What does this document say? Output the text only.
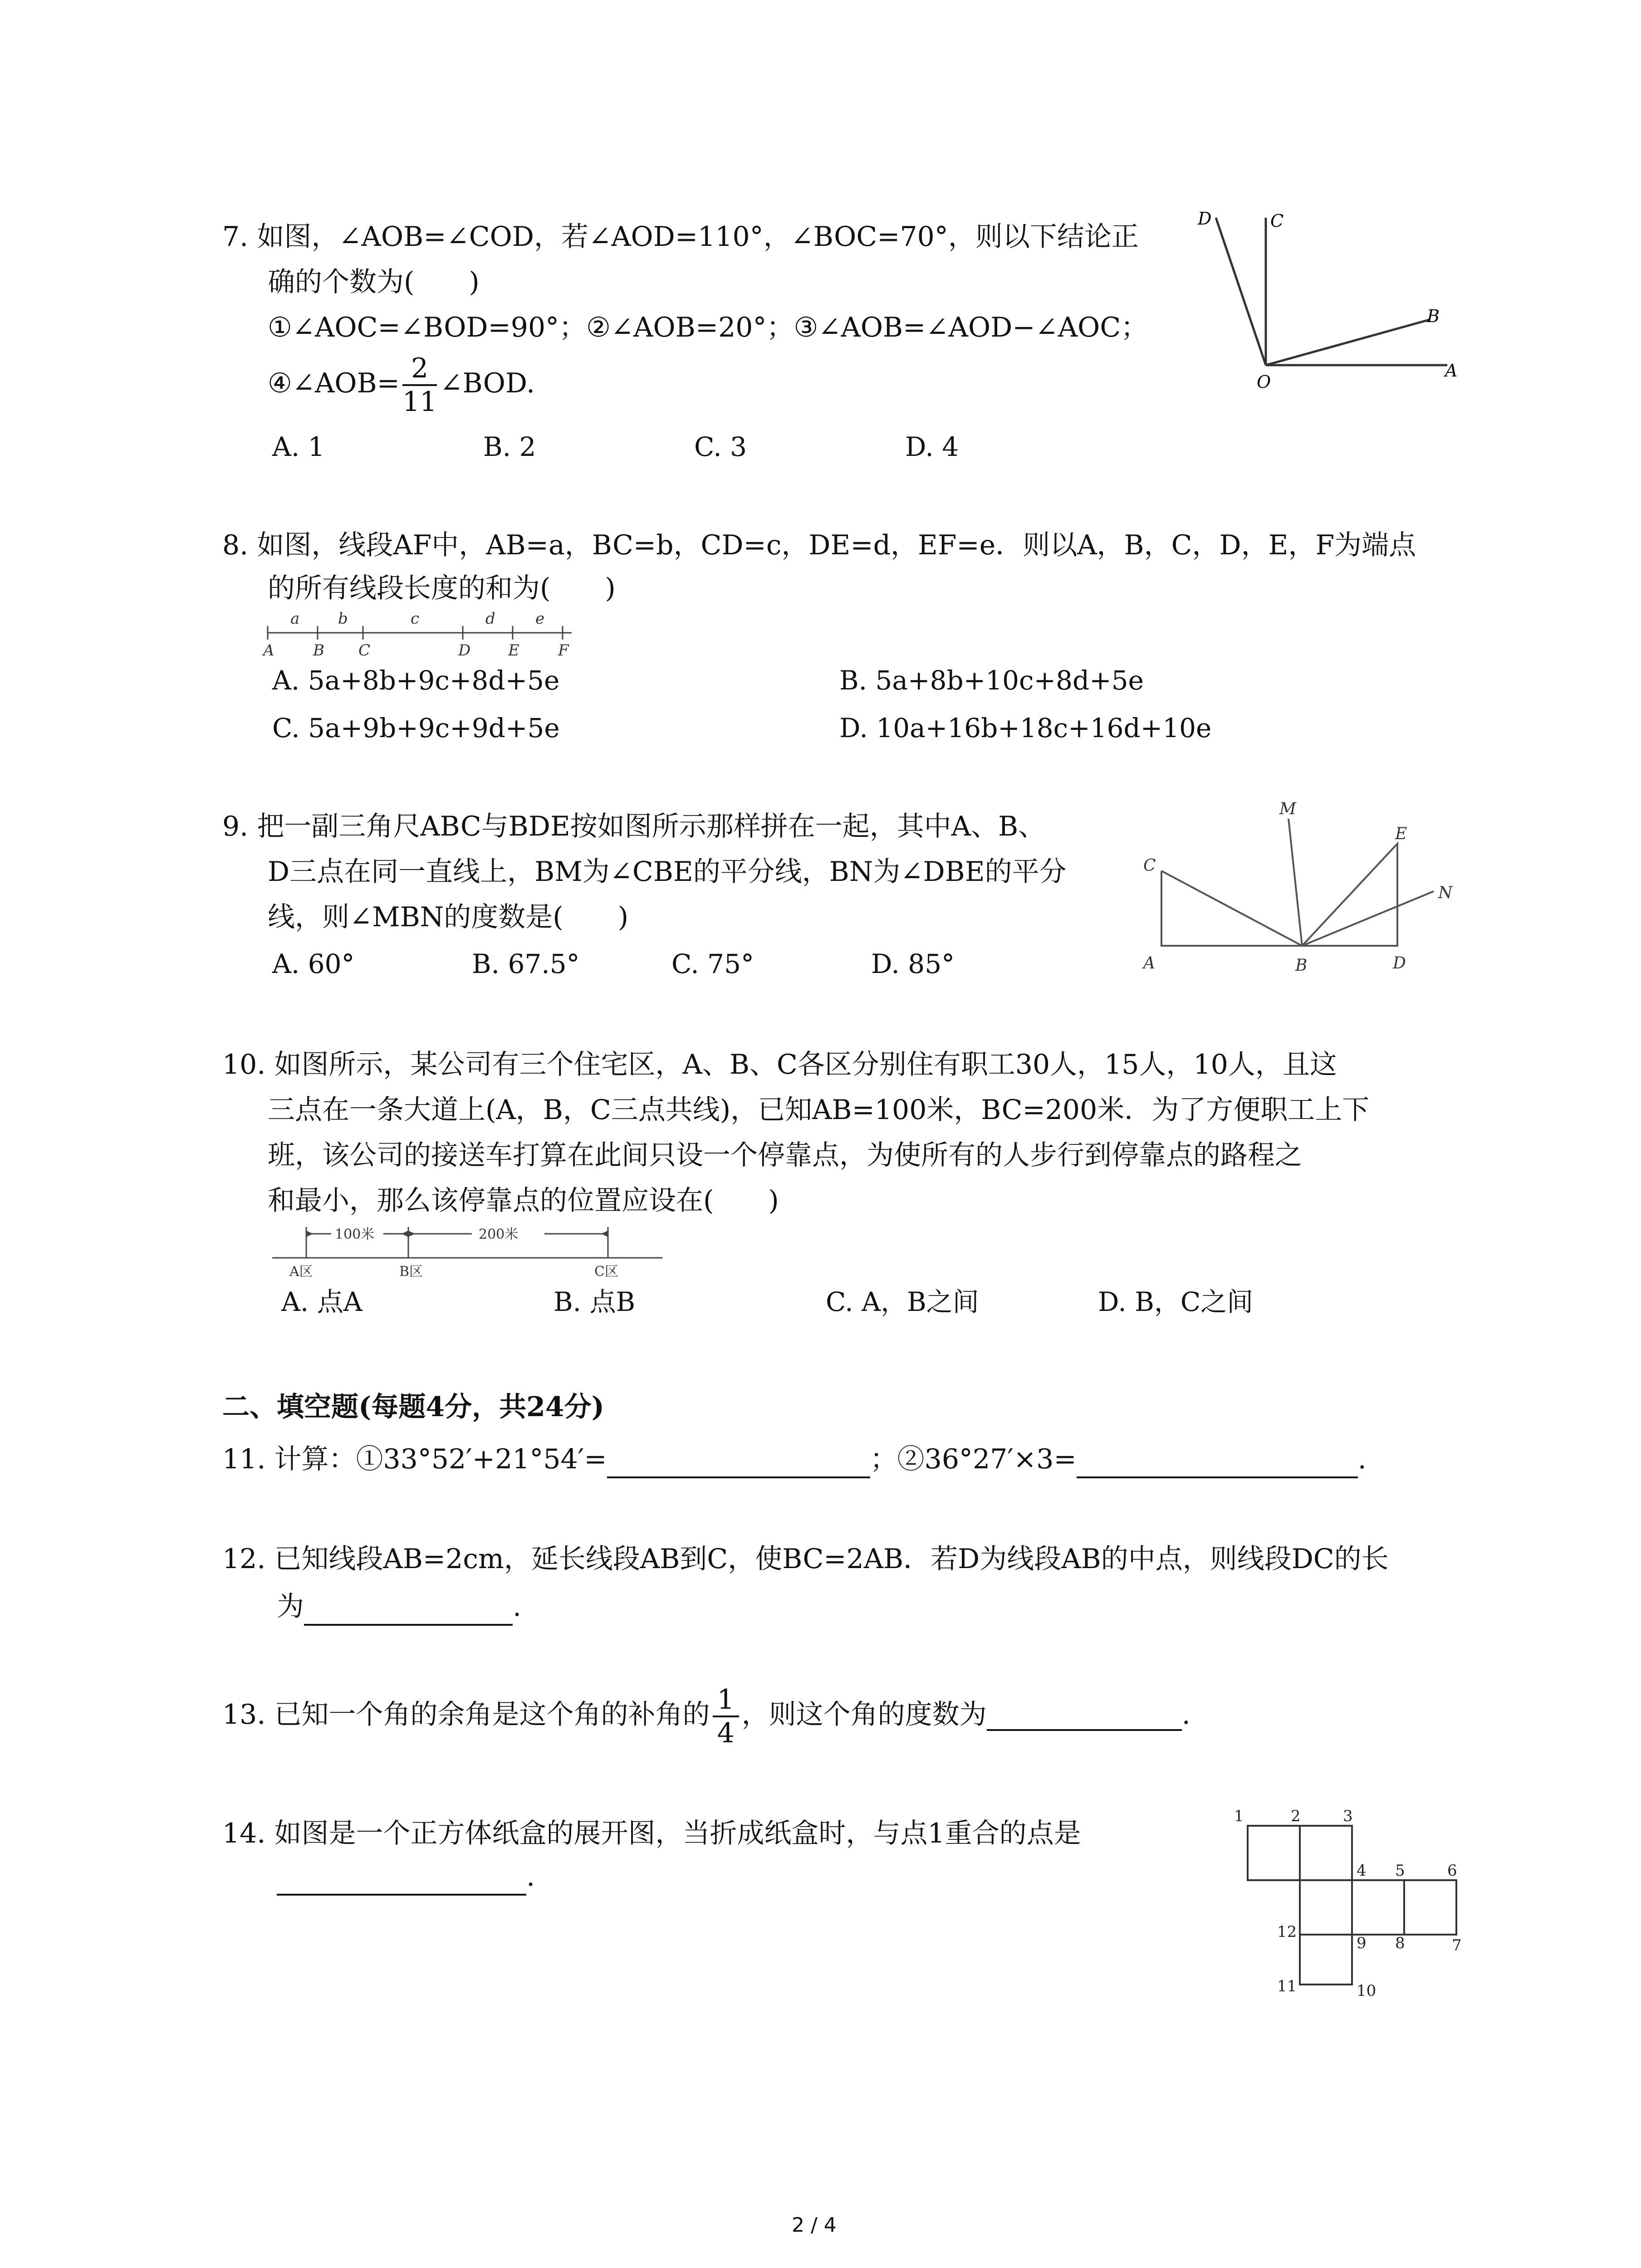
7. 如图，∠AOB=∠COD，若∠AOD=110°，∠BOC=70°，则以下结论正
确的个数为(　　)
①∠AOC=∠BOD=90°；②∠AOB=20°；③∠AOB=∠AOD−∠AOC；
④∠AOB= $\frac{2}{11}$ ∠BOD.
A. 1	B. 2	C. 3	D. 4
D	C
B
O
A
8. 如图，线段AF中，AB=a，BC=b，CD=c，DE=d，EF=e．则以A，B，C，D，E，F为端点
的所有线段长度的和为(　　)
a b	c	d	e
A	B C	D E	F
A. 5a+8b+9c+8d+5e	B. 5a+8b+10c+8d+5e
C. 5a+9b+9c+9d+5e	D. 10a+16b+18c+16d+10e
9. 把一副三角尺ABC与BDE按如图所示那样拼在一起，其中A、B、
D三点在同一直线上，BM为∠CBE的平分线，BN为∠DBE的平分
线，则∠MBN的度数是(　　)
A. 60°	B. 67.5°	C. 75°	D. 85°
M
C
E
N
A	B	D
10. 如图所示，某公司有三个住宅区，A、B、C各区分别住有职工30人，15人，10人，且这
三点在一条大道上(A，B，C三点共线)，已知AB=100米，BC=200米．为了方便职工上下
班，该公司的接送车打算在此间只设一个停靠点，为使所有的人步行到停靠点的路程之
和最小，那么该停靠点的位置应设在(　　)
100米	200米
A区	B区	C区
A. 点A	B. 点B	C. A，B之间	D. B，C之间
二、填空题(每题4分，共24分)
11. 计算：①33°52′+21°54′=	；②36°27′×3=	.
12. 已知线段AB=2cm，延长线段AB到C，使BC=2AB．若D为线段AB的中点，则线段DC的长
为	.
13. 已知一个角的余角是这个角的补角的 $\frac{1}{4}$ ，则这个角的度数为	.
14. 如图是一个正方体纸盒的展开图，当折成纸盒时，与点1重合的点是
.
1	2	3
4 5	6
7
8
9
10
11
12
2 / 4
